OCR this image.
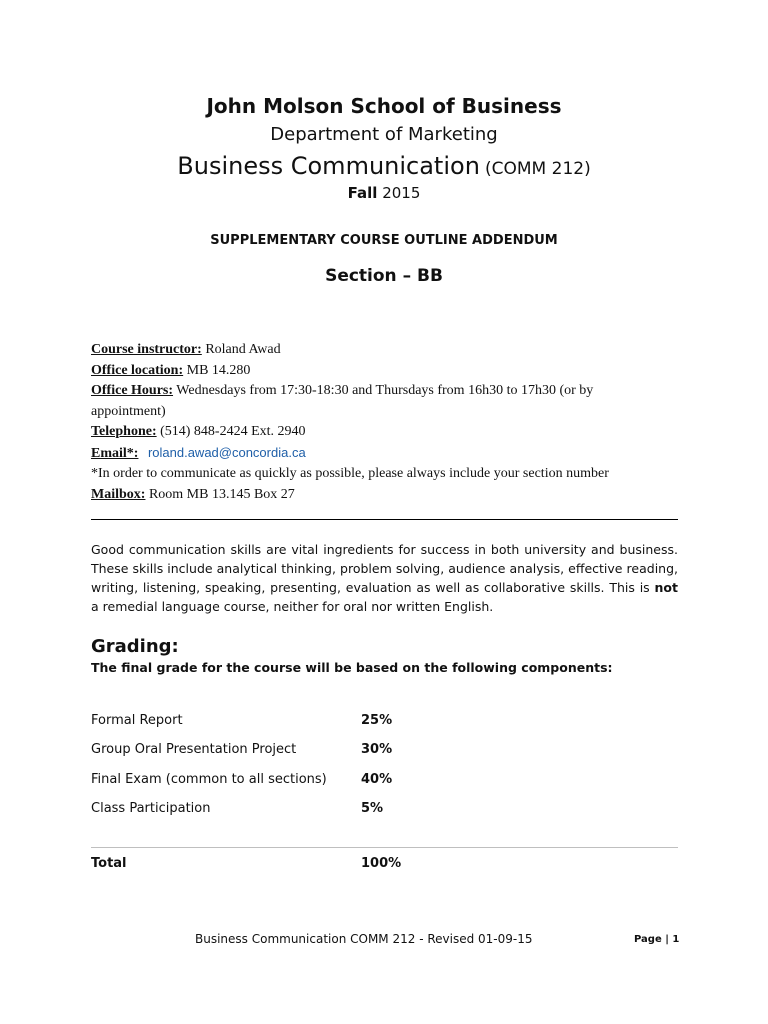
John Molson School of Business
Department of Marketing
Business Communication (COMM 212)
Fall 2015
SUPPLEMENTARY COURSE OUTLINE ADDENDUM
Section – BB
Course instructor: Roland Awad
Office location: MB 14.280
Office Hours: Wednesdays from 17:30-18:30 and Thursdays from 16h30 to 17h30 (or by
appointment)
Telephone: (514) 848-2424 Ext. 2940
Email*: roland.awad@concordia.ca
*In order to communicate as quickly as possible, please always include your section number
Mailbox: Room MB 13.145 Box 27
Good communication skills are vital ingredients for success in both university and business. These skills include analytical thinking, problem solving, audience analysis, effective reading, writing, listening, speaking, presenting, evaluation as well as collaborative skills. This is not a remedial language course, neither for oral nor written English.
Grading:
The final grade for the course will be based on the following components:
Formal Report	25%
Group Oral Presentation Project	30%
Final Exam (common to all sections)	40%
Class Participation	5%
Total	100%
Business Communication COMM 212 - Revised 01-09-15	Page | 1
